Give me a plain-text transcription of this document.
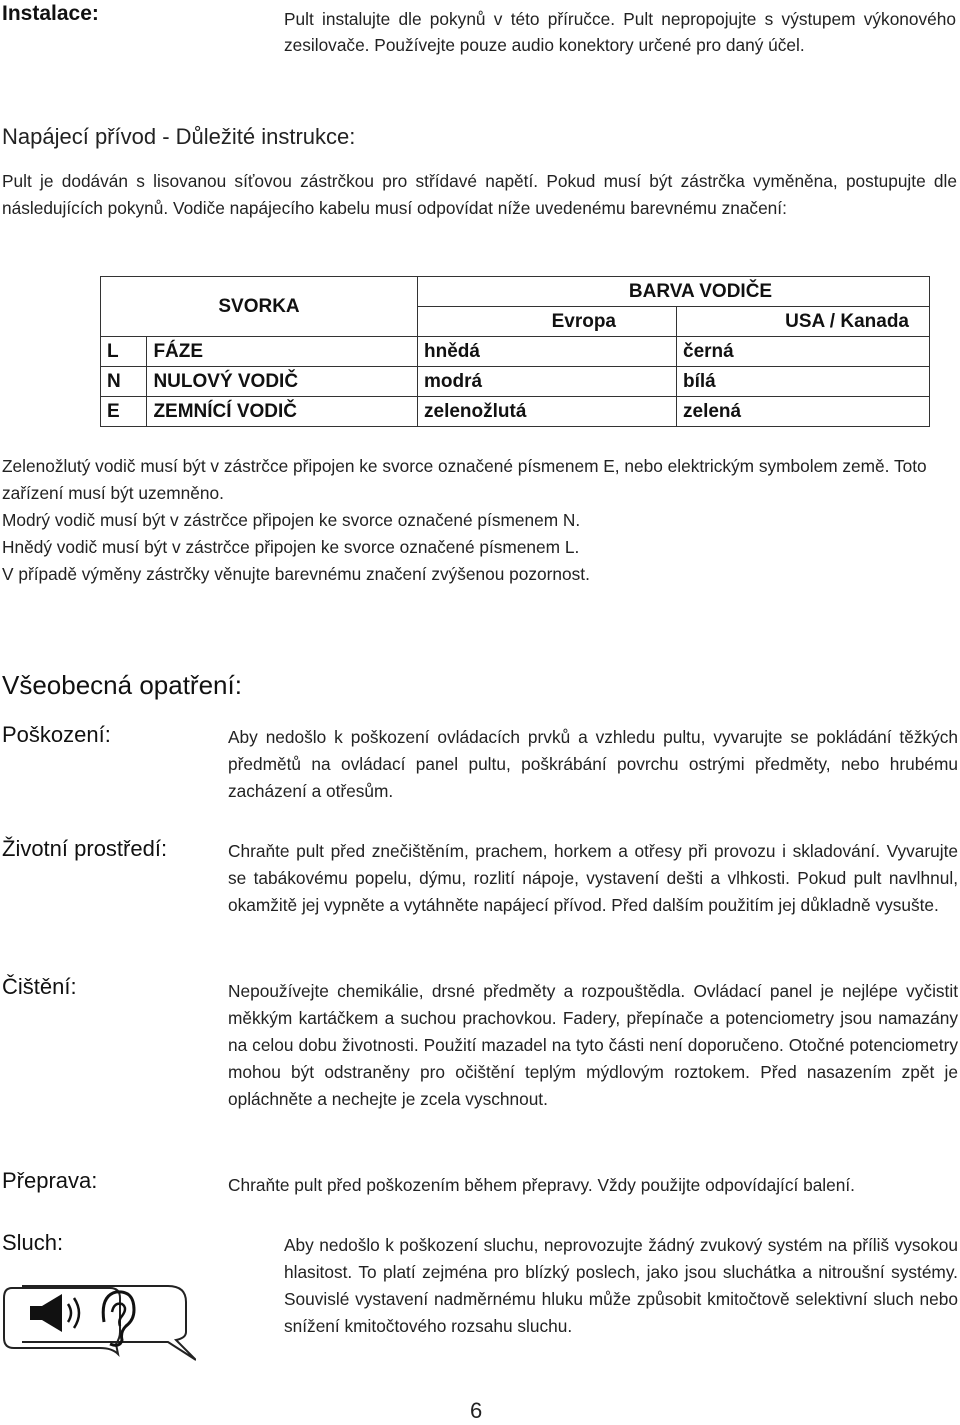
Instalace:	Pult instalujte dle pokynů v této příručce. Pult nepropojujte s výstupem výkonového zesilovače. Používejte pouze audio konektory určené pro daný účel.
Napájecí přívod - Důležité instrukce:
Pult je dodáván s lisovanou síťovou zástrčkou pro střídavé napětí. Pokud musí být zástrčka vyměněna, postupujte dle následujících pokynů. Vodiče napájecího kabelu musí odpovídat níže uvedenému barevnému značení:
SVORKA		BARVA VODIČE	
		Evropa	USA / Kanada
L	FÁZE	hnědá	černá
N	NULOVÝ VODIČ	modrá	bílá
E	ZEMNÍCÍ VODIČ	zelenožlutá	zelená

Zelenožlutý vodič musí být v zástrčce připojen ke svorce označené písmenem E, nebo elektrickým symbolem země. Toto zařízení musí být uzemněno.

Modrý vodič musí být v zástrčce připojen ke svorce označené písmenem N.

Hnědý vodič musí být v zástrčce připojen ke svorce označené písmenem L.

V případě výměny zástrčky věnujte barevnému značení zvýšenou pozornost.

Všeobecná opatření:
Poškození:	Aby nedošlo k poškození ovládacích prvků a vzhledu pultu, vyvarujte se pokládání těžkých předmětů na ovládací panel pultu, poškrábání povrchu ostrými předměty, nebo hrubému zacházení a otřesům.
Životní prostředí:	Chraňte pult před znečištěním, prachem, horkem a otřesy při provozu i skladování. Vyvarujte se tabákovému popelu, dýmu, rozlití nápoje, vystavení dešti a vlhkosti. Pokud pult navlhnul, okamžitě jej vypněte a vytáhněte napájecí přívod. Před dalším použitím jej důkladně vysušte.
Čištění:	Nepoužívejte chemikálie, drsné předměty a rozpouštědla. Ovládací panel je nejlépe vyčistit měkkým kartáčkem a suchou prachovkou. Fadery, přepínače a potenciometry jsou namazány na celou dobu životnosti. Použití mazadel na tyto části není doporučeno. Otočné potenciometry mohou být odstraněny pro očištění teplým mýdlovým roztokem. Před nasazením zpět je opláchněte a nechejte je zcela vyschnout.
Přeprava:	Chraňte pult před poškozením během přepravy. Vždy použijte odpovídající balení.
Sluch:	Aby nedošlo k poškození sluchu, neprovozujte žádný zvukový systém na příliš vysokou hlasitost. To platí zejména pro blízký poslech, jako jsou sluchátka a nitroušní systémy. Souvislé vystavení nadměrnému hluku může způsobit kmitočtově selektivní sluch nebo snížení kmitočtového rozsahu sluchu.
6
